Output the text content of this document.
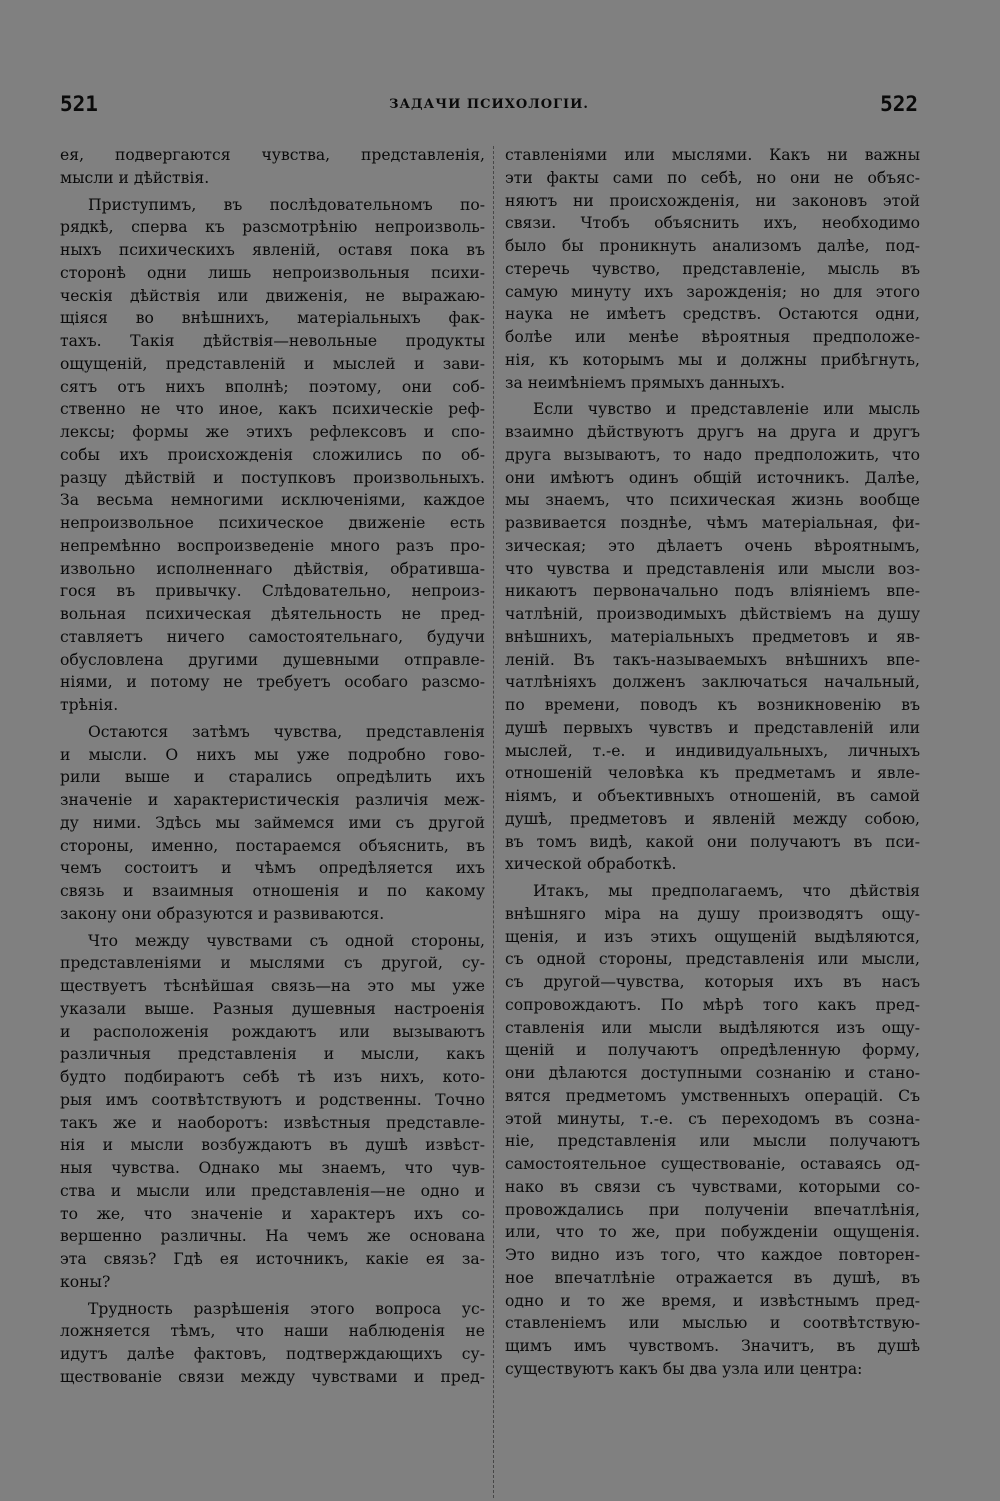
521	ЗАДАЧИ ПСИХОЛОГІИ.	522
ея, подвергаются чувства, представленія,
мысли и дѣйствія.
Приступимъ, въ послѣдовательномъ по-
рядкѣ, сперва къ разсмотрѣнію непроизволь-
ныхъ психическихъ явленій, оставя пока въ
сторонѣ одни лишь непроизвольныя психи-
ческія дѣйствія или движенія, не выражаю-
щіяся во внѣшнихъ, матеріальныхъ фак-
тахъ. Такія дѣйствія—невольные продукты
ощущеній, представленій и мыслей и зави-
сятъ отъ нихъ вполнѣ; поэтому, они соб-
ственно не что иное, какъ психическіе реф-
лексы; формы же этихъ рефлексовъ и спо-
собы ихъ происхожденія сложились по об-
разцу дѣйствій и поступковъ произвольныхъ.
За весьма немногими исключеніями, каждое
непроизвольное психическое движеніе есть
непремѣнно воспроизведеніе много разъ про-
извольно исполненнаго дѣйствія, обратившa-
гося въ привычку. Слѣдовательно, непроиз-
вольная психическая дѣятельность не пред-
ставляетъ ничего самостоятельнаго, будучи
обусловлена другими душевными отправле-
ніями, и потому не требуетъ особаго разсмо-
трѣнія.
Остаются затѣмъ чувства, представленія
и мысли. О нихъ мы уже подробно гово-
рили выше и старались опредѣлить ихъ
значеніе и характеристическія различія меж-
ду ними. Здѣсь мы займемся ими съ другой
стороны, именно, постараемся объяснить, въ
чемъ состоитъ и чѣмъ опредѣляется ихъ
связь и взаимныя отношенія и по какому
закону они образуются и развиваются.
Что между чувствами съ одной стороны,
представленіями и мыслями съ другой, су-
ществуетъ тѣснѣйшая связь—на это мы уже
указали выше. Разныя душевныя настроенія
и расположенія рождаютъ или вызываютъ
различныя представленія и мысли, какъ
будто подбираютъ себѣ тѣ изъ нихъ, кото-
рыя имъ соотвѣтствуютъ и родственны. Точно
такъ же и наоборотъ: извѣстныя представле-
нія и мысли возбуждаютъ въ душѣ извѣст-
ныя чувства. Однако мы знаемъ, что чув-
ства и мысли или представленія—не одно и
то же, что значеніе и характеръ ихъ со-
вершенно различны. На чемъ же основана
эта связь? Гдѣ ея источникъ, какіе ея за-
коны?
Трудность разрѣшенія этого вопроса ус-
ложняется тѣмъ, что наши наблюденія не
идутъ далѣе фактовъ, подтверждающихъ су-
ществованіе связи между чувствами и пред-
ставленіями или мыслями. Какъ ни важны
эти факты сами по себѣ, но они не объяс-
няютъ ни происхожденія, ни законовъ этой
связи. Чтобъ объяснить ихъ, необходимо
было бы проникнуть анализомъ далѣе, под-
стеречь чувство, представленіе, мысль въ
самую минуту ихъ зарожденія; но для этого
наука не имѣетъ средствъ. Остаются одни,
болѣе или менѣе вѣроятныя предположе-
нія, къ которымъ мы и должны прибѣгнуть,
за неимѣніемъ прямыхъ данныхъ.
Если чувство и представленіе или мысль
взаимно дѣйствуютъ другъ на друга и другъ
друга вызываютъ, то надо предположить, что
они имѣютъ одинъ общій источникъ. Далѣе,
мы знаемъ, что психическая жизнь вообще
развивается позднѣе, чѣмъ матеріальная, фи-
зическая; это дѣлаетъ очень вѣроятнымъ,
что чувства и представленія или мысли воз-
никаютъ первоначально подъ вліяніемъ впе-
чатлѣній, производимыхъ дѣйствіемъ на душу
внѣшнихъ, матеріальныхъ предметовъ и яв-
леній. Въ такъ-называемыхъ внѣшнихъ впе-
чатлѣніяхъ долженъ заключаться начальный,
по времени, поводъ къ возникновенію въ
душѣ первыхъ чувствъ и представленій или
мыслей, т.-е. и индивидуальныхъ, личныхъ
отношеній человѣка къ предметамъ и явле-
ніямъ, и объективныхъ отношеній, въ самой
душѣ, предметовъ и явленій между собою,
въ томъ видѣ, какой они получаютъ въ пси-
хической обработкѣ.
Итакъ, мы предполагаемъ, что дѣйствія
внѣшняго міра на душу производятъ ощу-
щенія, и изъ этихъ ощущеній выдѣляются,
съ одной стороны, представленія или мысли,
съ другой—чувства, которыя ихъ въ насъ
сопровождаютъ. По мѣрѣ того какъ пред-
ставленія или мысли выдѣляются изъ ощу-
щеній и получаютъ опредѣленную форму,
они дѣлаются доступными сознанію и стано-
вятся предметомъ умственныхъ операцій. Съ
этой минуты, т.-е. съ переходомъ въ созна-
ніе, представленія или мысли получаютъ
самостоятельное существованіе, оставаясь од-
нако въ связи съ чувствами, которыми со-
провождались при полученіи впечатлѣнія,
или, что то же, при побужденіи ощущенія.
Это видно изъ того, что каждое повторен-
ное впечатлѣніе отражается въ душѣ, въ
одно и то же время, и извѣстнымъ пред-
ставленіемъ или мыслью и соотвѣтствую-
щимъ имъ чувствомъ. Значитъ, въ душѣ
существуютъ какъ бы два узла или центра:
